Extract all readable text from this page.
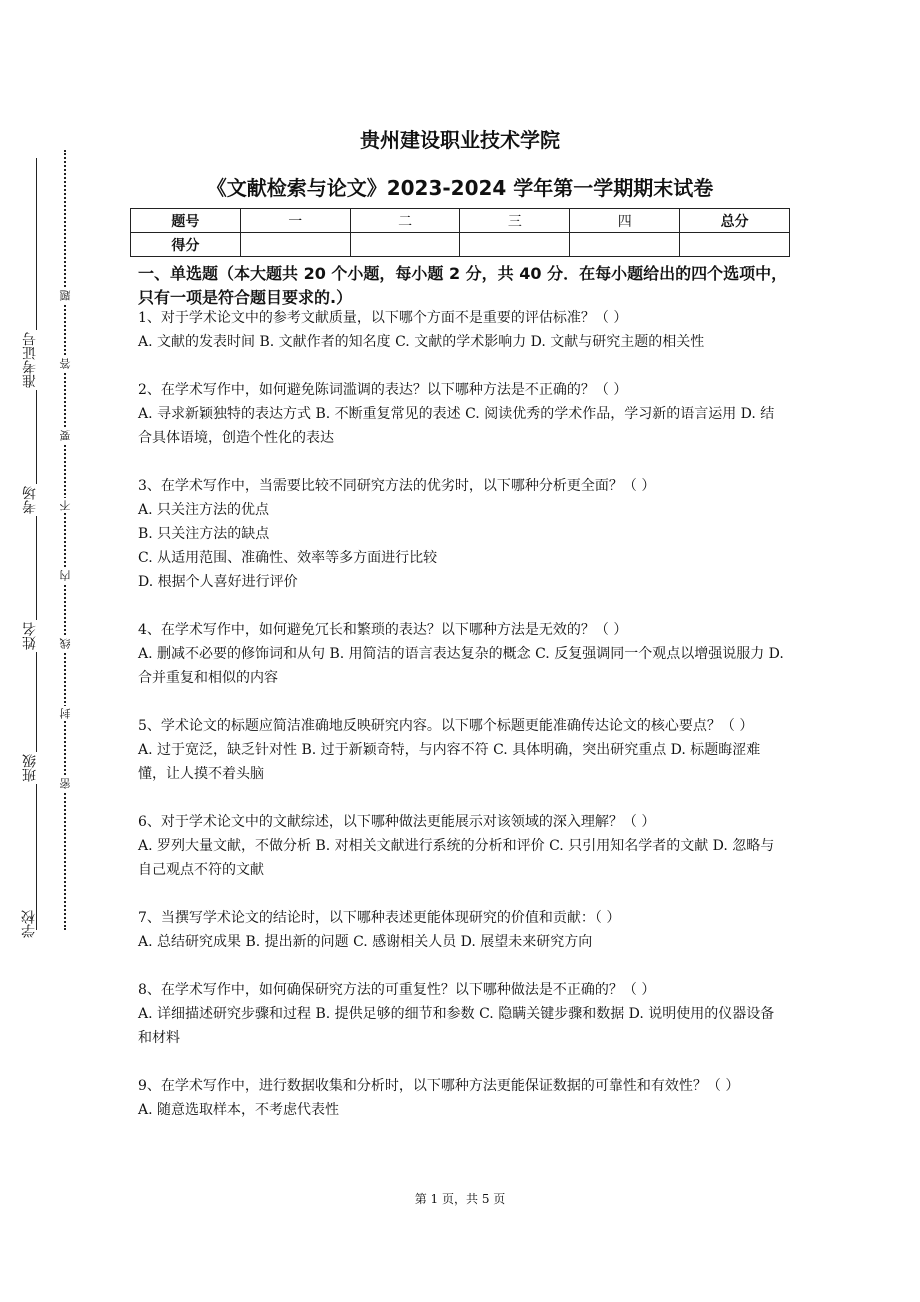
准考证号
考场
姓名
班级
学校
题
答
要
不
内
线
封
密
贵州建设职业技术学院
《文献检索与论文》2023-2024 学年第一学期期末试卷
题号	一	二	三	四	总分
得分					
一、单选题（本大题共 20 个小题，每小题 2 分，共 40 分．在每小题给出的四个选项中，只有一项是符合题目要求的.）
1、对于学术论文中的参考文献质量，以下哪个方面不是重要的评估标准？（ ）
A. 文献的发表时间 B. 文献作者的知名度 C. 文献的学术影响力 D. 文献与研究主题的相关性
2、在学术写作中，如何避免陈词滥调的表达？以下哪种方法是不正确的？（ ）
A. 寻求新颖独特的表达方式 B. 不断重复常见的表述 C. 阅读优秀的学术作品，学习新的语言运用 D. 结合具体语境，创造个性化的表达
3、在学术写作中，当需要比较不同研究方法的优劣时，以下哪种分析更全面？（ ）
A. 只关注方法的优点
B. 只关注方法的缺点
C. 从适用范围、准确性、效率等多方面进行比较
D. 根据个人喜好进行评价
4、在学术写作中，如何避免冗长和繁琐的表达？以下哪种方法是无效的？（ ）
A. 删减不必要的修饰词和从句 B. 用简洁的语言表达复杂的概念 C. 反复强调同一个观点以增强说服力 D. 合并重复和相似的内容
5、学术论文的标题应简洁准确地反映研究内容。以下哪个标题更能准确传达论文的核心要点？（ ）
A. 过于宽泛，缺乏针对性 B. 过于新颖奇特，与内容不符 C. 具体明确，突出研究重点 D. 标题晦涩难懂，让人摸不着头脑
6、对于学术论文中的文献综述，以下哪种做法更能展示对该领域的深入理解？（ ）
A. 罗列大量文献，不做分析 B. 对相关文献进行系统的分析和评价 C. 只引用知名学者的文献 D. 忽略与自己观点不符的文献
7、当撰写学术论文的结论时，以下哪种表述更能体现研究的价值和贡献：（ ）
A. 总结研究成果 B. 提出新的问题 C. 感谢相关人员 D. 展望未来研究方向
8、在学术写作中，如何确保研究方法的可重复性？以下哪种做法是不正确的？（ ）
A. 详细描述研究步骤和过程 B. 提供足够的细节和参数 C. 隐瞒关键步骤和数据 D. 说明使用的仪器设备和材料
9、在学术写作中，进行数据收集和分析时，以下哪种方法更能保证数据的可靠性和有效性？（ ）
A. 随意选取样本，不考虑代表性
第 1 页，共 5 页
